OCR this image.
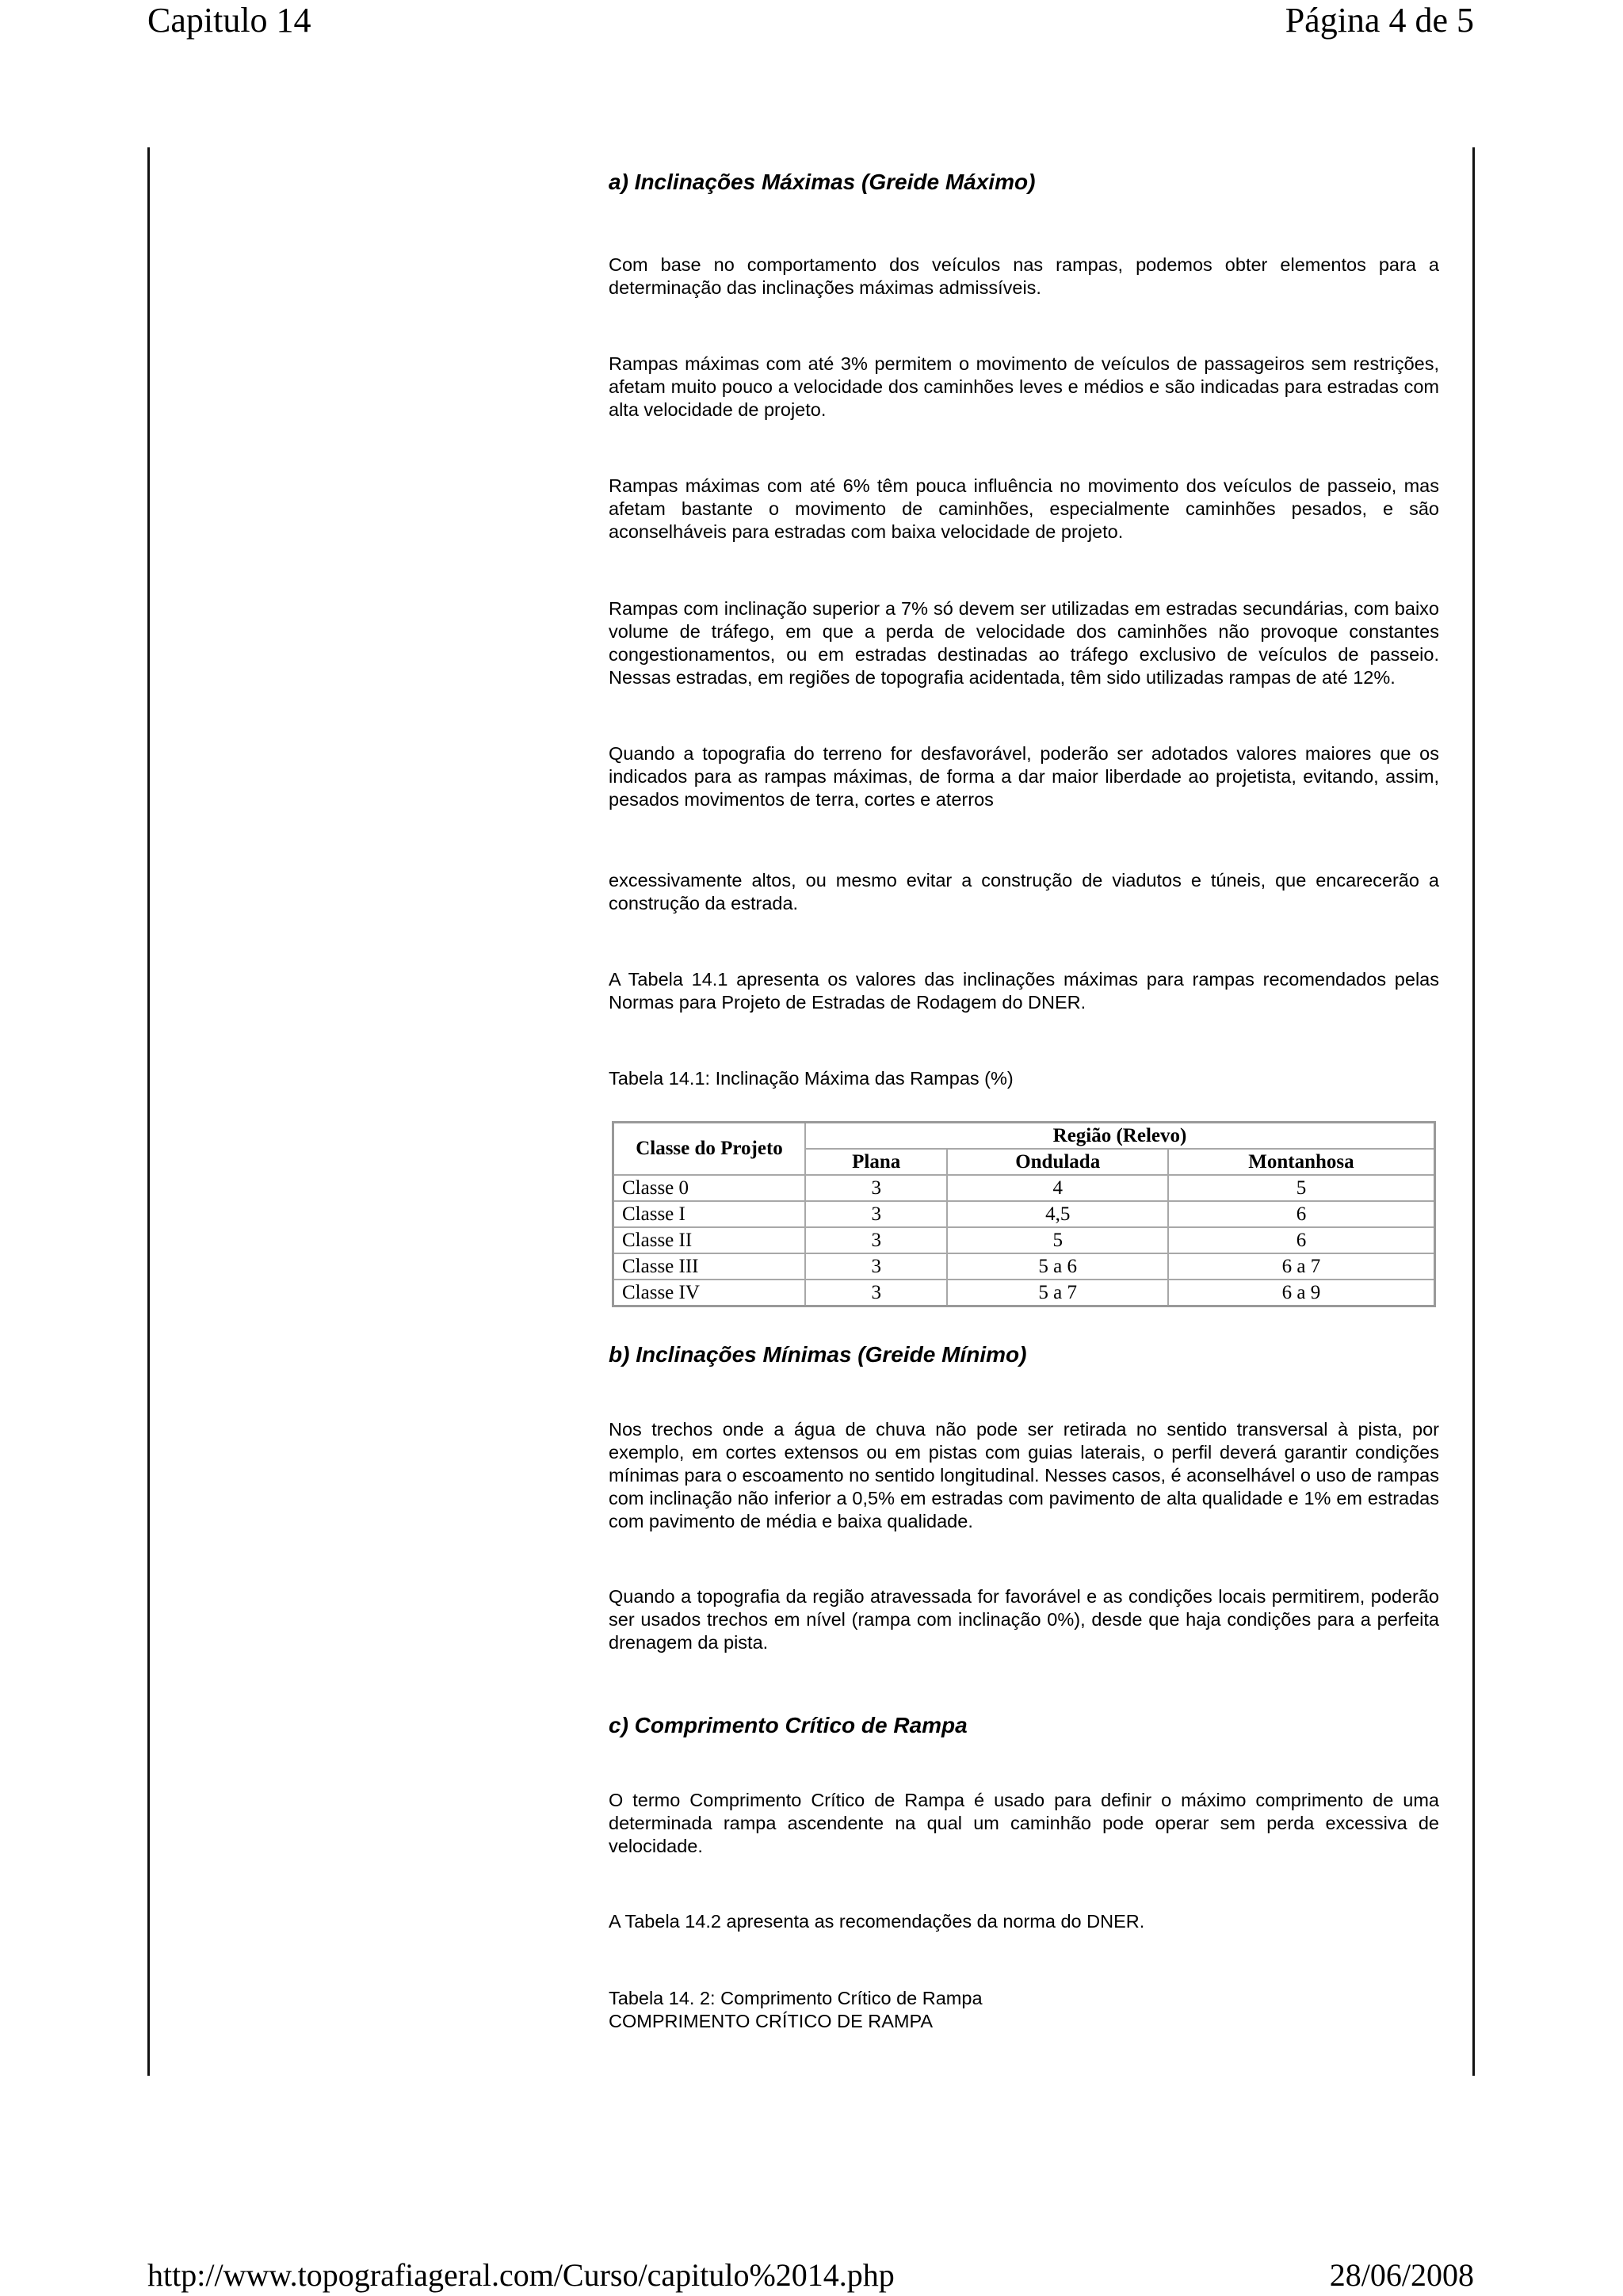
Capitulo 14	Página 4 de 5
a) Inclinações Máximas (Greide Máximo)

Com base no comportamento dos veículos nas rampas, podemos obter elementos para a determinação das inclinações máximas admissíveis.

Rampas máximas com até 3% permitem o movimento de veículos de passageiros sem restrições, afetam muito pouco a velocidade dos caminhões leves e médios e são indicadas para estradas com alta velocidade de projeto.

Rampas máximas com até 6% têm pouca influência no movimento dos veículos de passeio, mas afetam bastante o movimento de caminhões, especialmente caminhões pesados, e são aconselháveis para estradas com baixa velocidade de projeto.

Rampas com inclinação superior a 7% só devem ser utilizadas em estradas secundárias, com baixo volume de tráfego, em que a perda de velocidade dos caminhões não provoque constantes congestionamentos, ou em estradas destinadas ao tráfego exclusivo de veículos de passeio. Nessas estradas, em regiões de topografia acidentada, têm sido utilizadas rampas de até 12%.

Quando a topografia do terreno for desfavorável, poderão ser adotados valores maiores que os indicados para as rampas máximas, de forma a dar maior liberdade ao projetista, evitando, assim, pesados movimentos de terra, cortes e aterros

excessivamente altos, ou mesmo evitar a construção de viadutos e túneis, que encarecerão a construção da estrada.

A Tabela 14.1 apresenta os valores das inclinações máximas para rampas recomendados pelas Normas para Projeto de Estradas de Rodagem do DNER.

Tabela 14.1: Inclinação Máxima das Rampas (%)

Classe do Projeto	Região (Relevo)		
	Plana	Ondulada	Montanhosa
Classe 0	3	4	5
Classe I	3	4,5	6
Classe II	3	5	6
Classe III	3	5 a 6	6 a 7
Classe IV	3	5 a 7	6 a 9
b) Inclinações Mínimas (Greide Mínimo)

Nos trechos onde a água de chuva não pode ser retirada no sentido transversal à pista, por exemplo, em cortes extensos ou em pistas com guias laterais, o perfil deverá garantir condições mínimas para o escoamento no sentido longitudinal. Nesses casos, é aconselhável o uso de rampas com inclinação não inferior a 0,5% em estradas com pavimento de alta qualidade e 1% em estradas com pavimento de média e baixa qualidade.

Quando a topografia da região atravessada for favorável e as condições locais permitirem, poderão ser usados trechos em nível (rampa com inclinação 0%), desde que haja condições para a perfeita drenagem da pista.

c) Comprimento Crítico de Rampa

O termo Comprimento Crítico de Rampa é usado para definir o máximo comprimento de uma determinada rampa ascendente na qual um caminhão pode operar sem perda excessiva de velocidade.

A Tabela 14.2 apresenta as recomendações da norma do DNER.

Tabela 14. 2: Comprimento Crítico de Rampa

COMPRIMENTO CRÍTICO DE RAMPA

http://www.topografiageral.com/Curso/capitulo%2014.php	28/06/2008
